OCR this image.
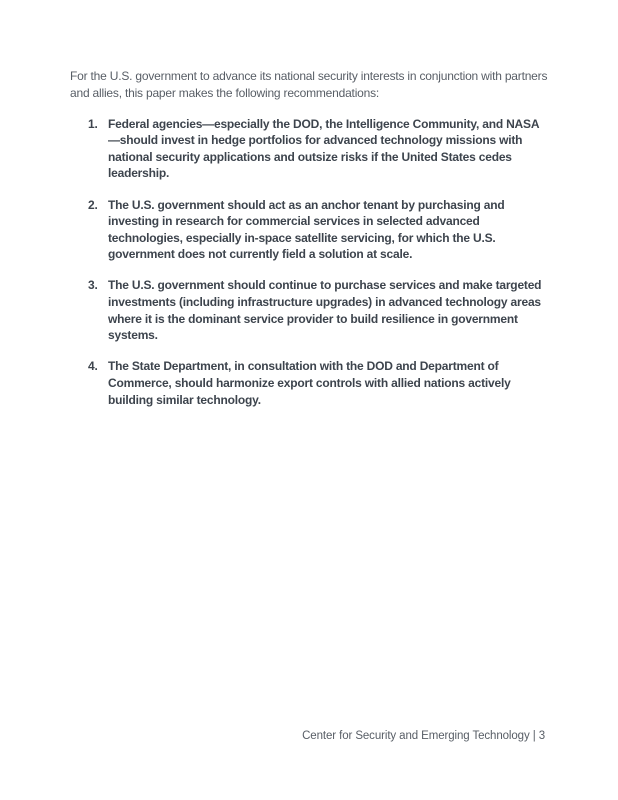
For the U.S. government to advance its national security interests in conjunction with partners and allies, this paper makes the following recommendations:

1. Federal agencies—especially the DOD, the Intelligence Community, and NASA—should invest in hedge portfolios for advanced technology missions with national security applications and outsize risks if the United States cedes leadership.
2. The U.S. government should act as an anchor tenant by purchasing and investing in research for commercial services in selected advanced technologies, especially in-space satellite servicing, for which the U.S. government does not currently field a solution at scale.
3. The U.S. government should continue to purchase services and make targeted investments (including infrastructure upgrades) in advanced technology areas where it is the dominant service provider to build resilience in government systems.
4. The State Department, in consultation with the DOD and Department of Commerce, should harmonize export controls with allied nations actively building similar technology.
Center for Security and Emerging Technology | 3
